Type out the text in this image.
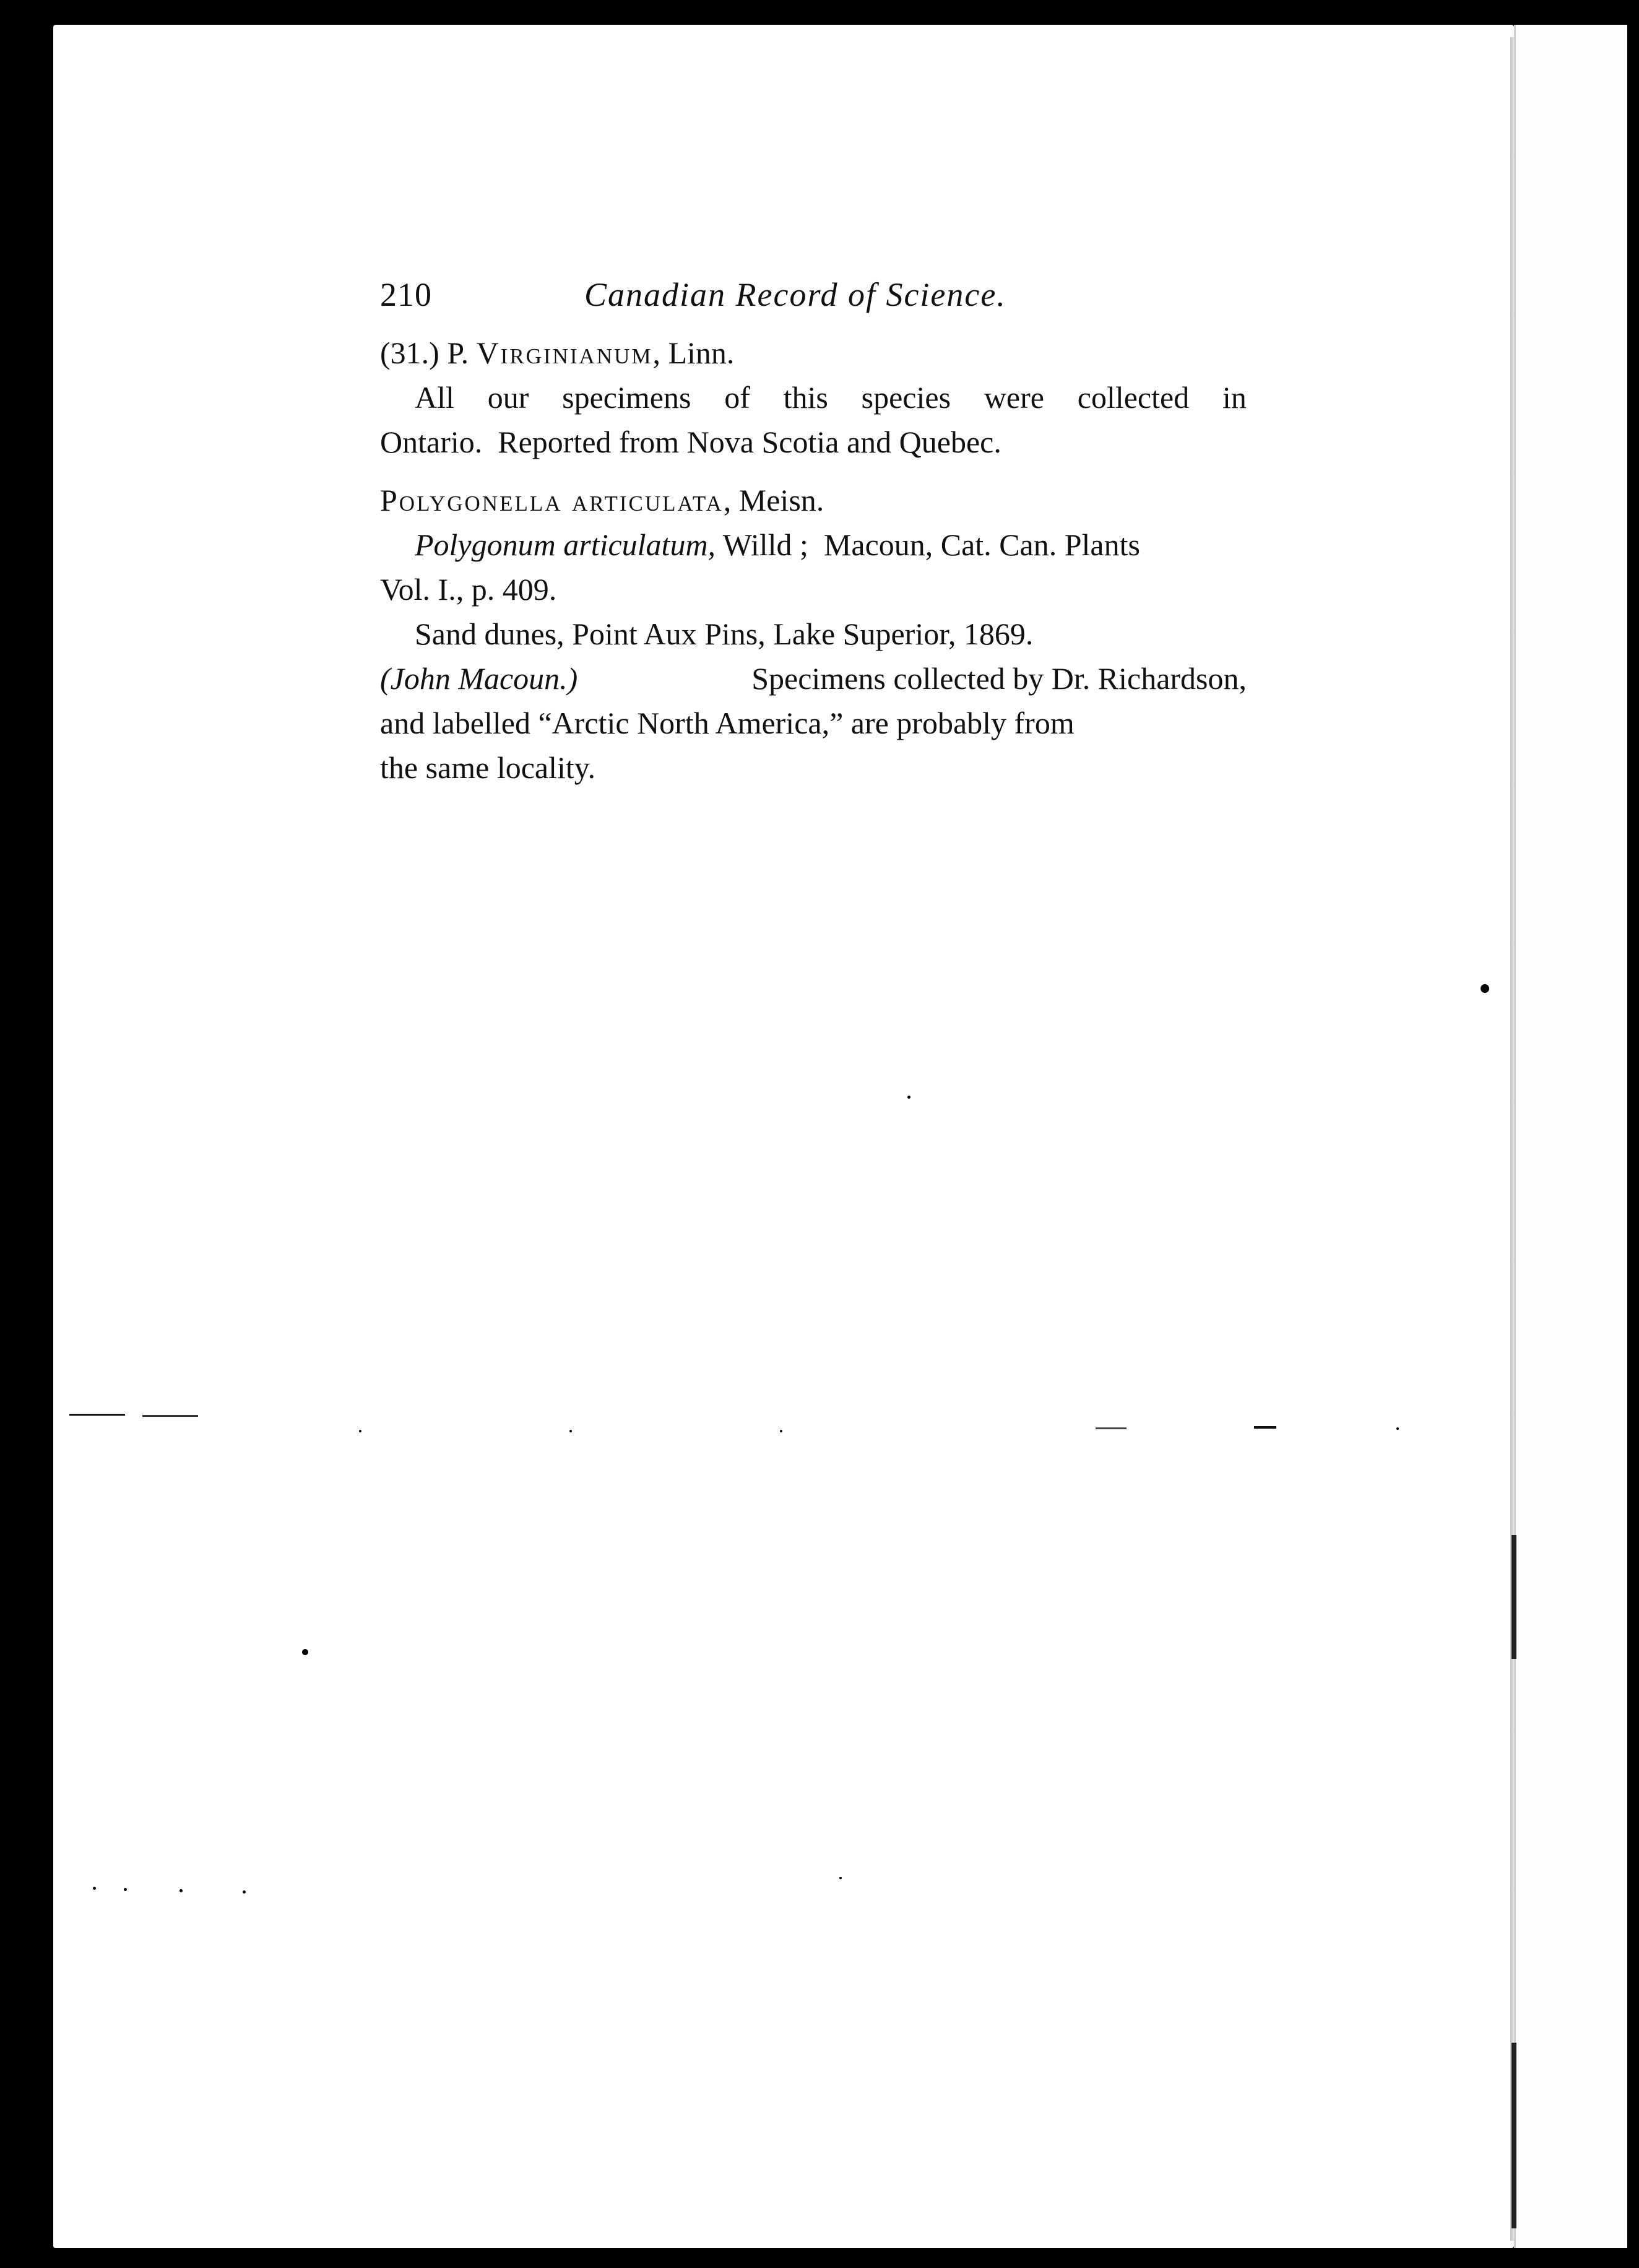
210	Canadian Record of Science.
(31.) P. Virginianum, Linn.
All our specimens of this species were collected in
Ontario.  Reported from Nova Scotia and Quebec.
Polygonella articulata, Meisn.
Polygonum articulatum, Willd ;  Macoun, Cat. Can. Plants
Vol. I., p. 409.
Sand dunes, Point Aux Pins, Lake Superior, 1869.
(John Macoun.)	Specimens collected by Dr. Richardson,
and labelled “Arctic North America,” are probably from
the same locality.
